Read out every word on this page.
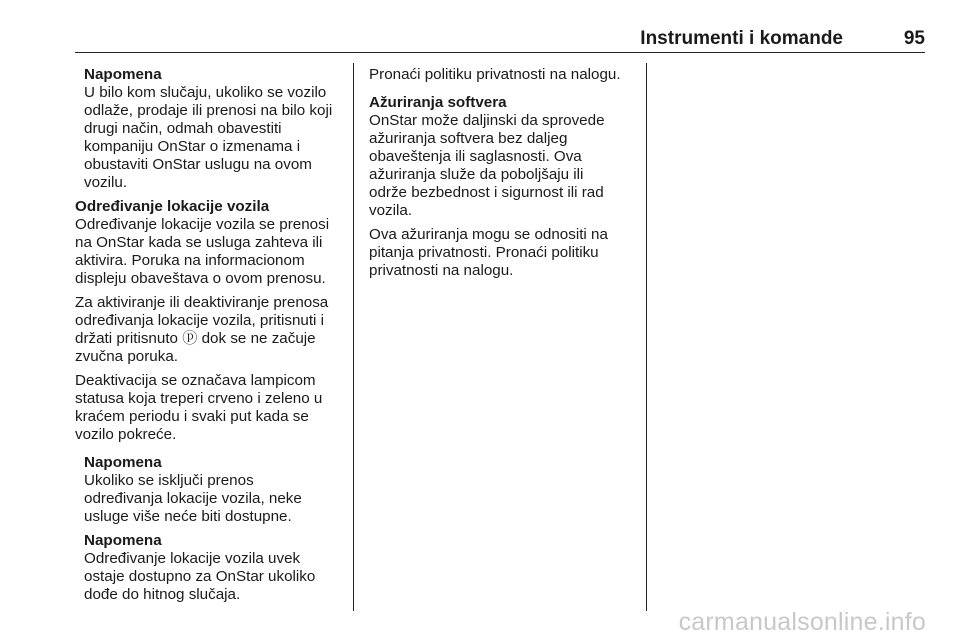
Instrumenti i komande	95
Napomena
U bilo kom slučaju, ukoliko se vozilo
odlaže, prodaje ili prenosi na bilo koji
drugi način, odmah obavestiti
kompaniju OnStar o izmenama i
obustaviti OnStar uslugu na ovom
vozilu.
Određivanje lokacije vozila
Određivanje lokacije vozila se prenosi
na OnStar kada se usluga zahteva ili
aktivira. Poruka na informacionom
displeju obaveštava o ovom prenosu.
Za aktiviranje ili deaktiviranje prenosa
određivanja lokacije vozila, pritisnuti i
držati pritisnuto ⓟ dok se ne začuje
zvučna poruka.
Deaktivacija se označava lampicom
statusa koja treperi crveno i zeleno u
kraćem periodu i svaki put kada se
vozilo pokreće.
Napomena
Ukoliko se isključi prenos
određivanja lokacije vozila, neke
usluge više neće biti dostupne.
Napomena
Određivanje lokacije vozila uvek
ostaje dostupno za OnStar ukoliko
dođe do hitnog slučaja.
Pronaći politiku privatnosti na nalogu.
Ažuriranja softvera
OnStar može daljinski da sprovede
ažuriranja softvera bez daljeg
obaveštenja ili saglasnosti. Ova
ažuriranja služe da poboljšaju ili
održe bezbednost i sigurnost ili rad
vozila.
Ova ažuriranja mogu se odnositi na
pitanja privatnosti. Pronaći politiku
privatnosti na nalogu.
carmanualsonline.info
